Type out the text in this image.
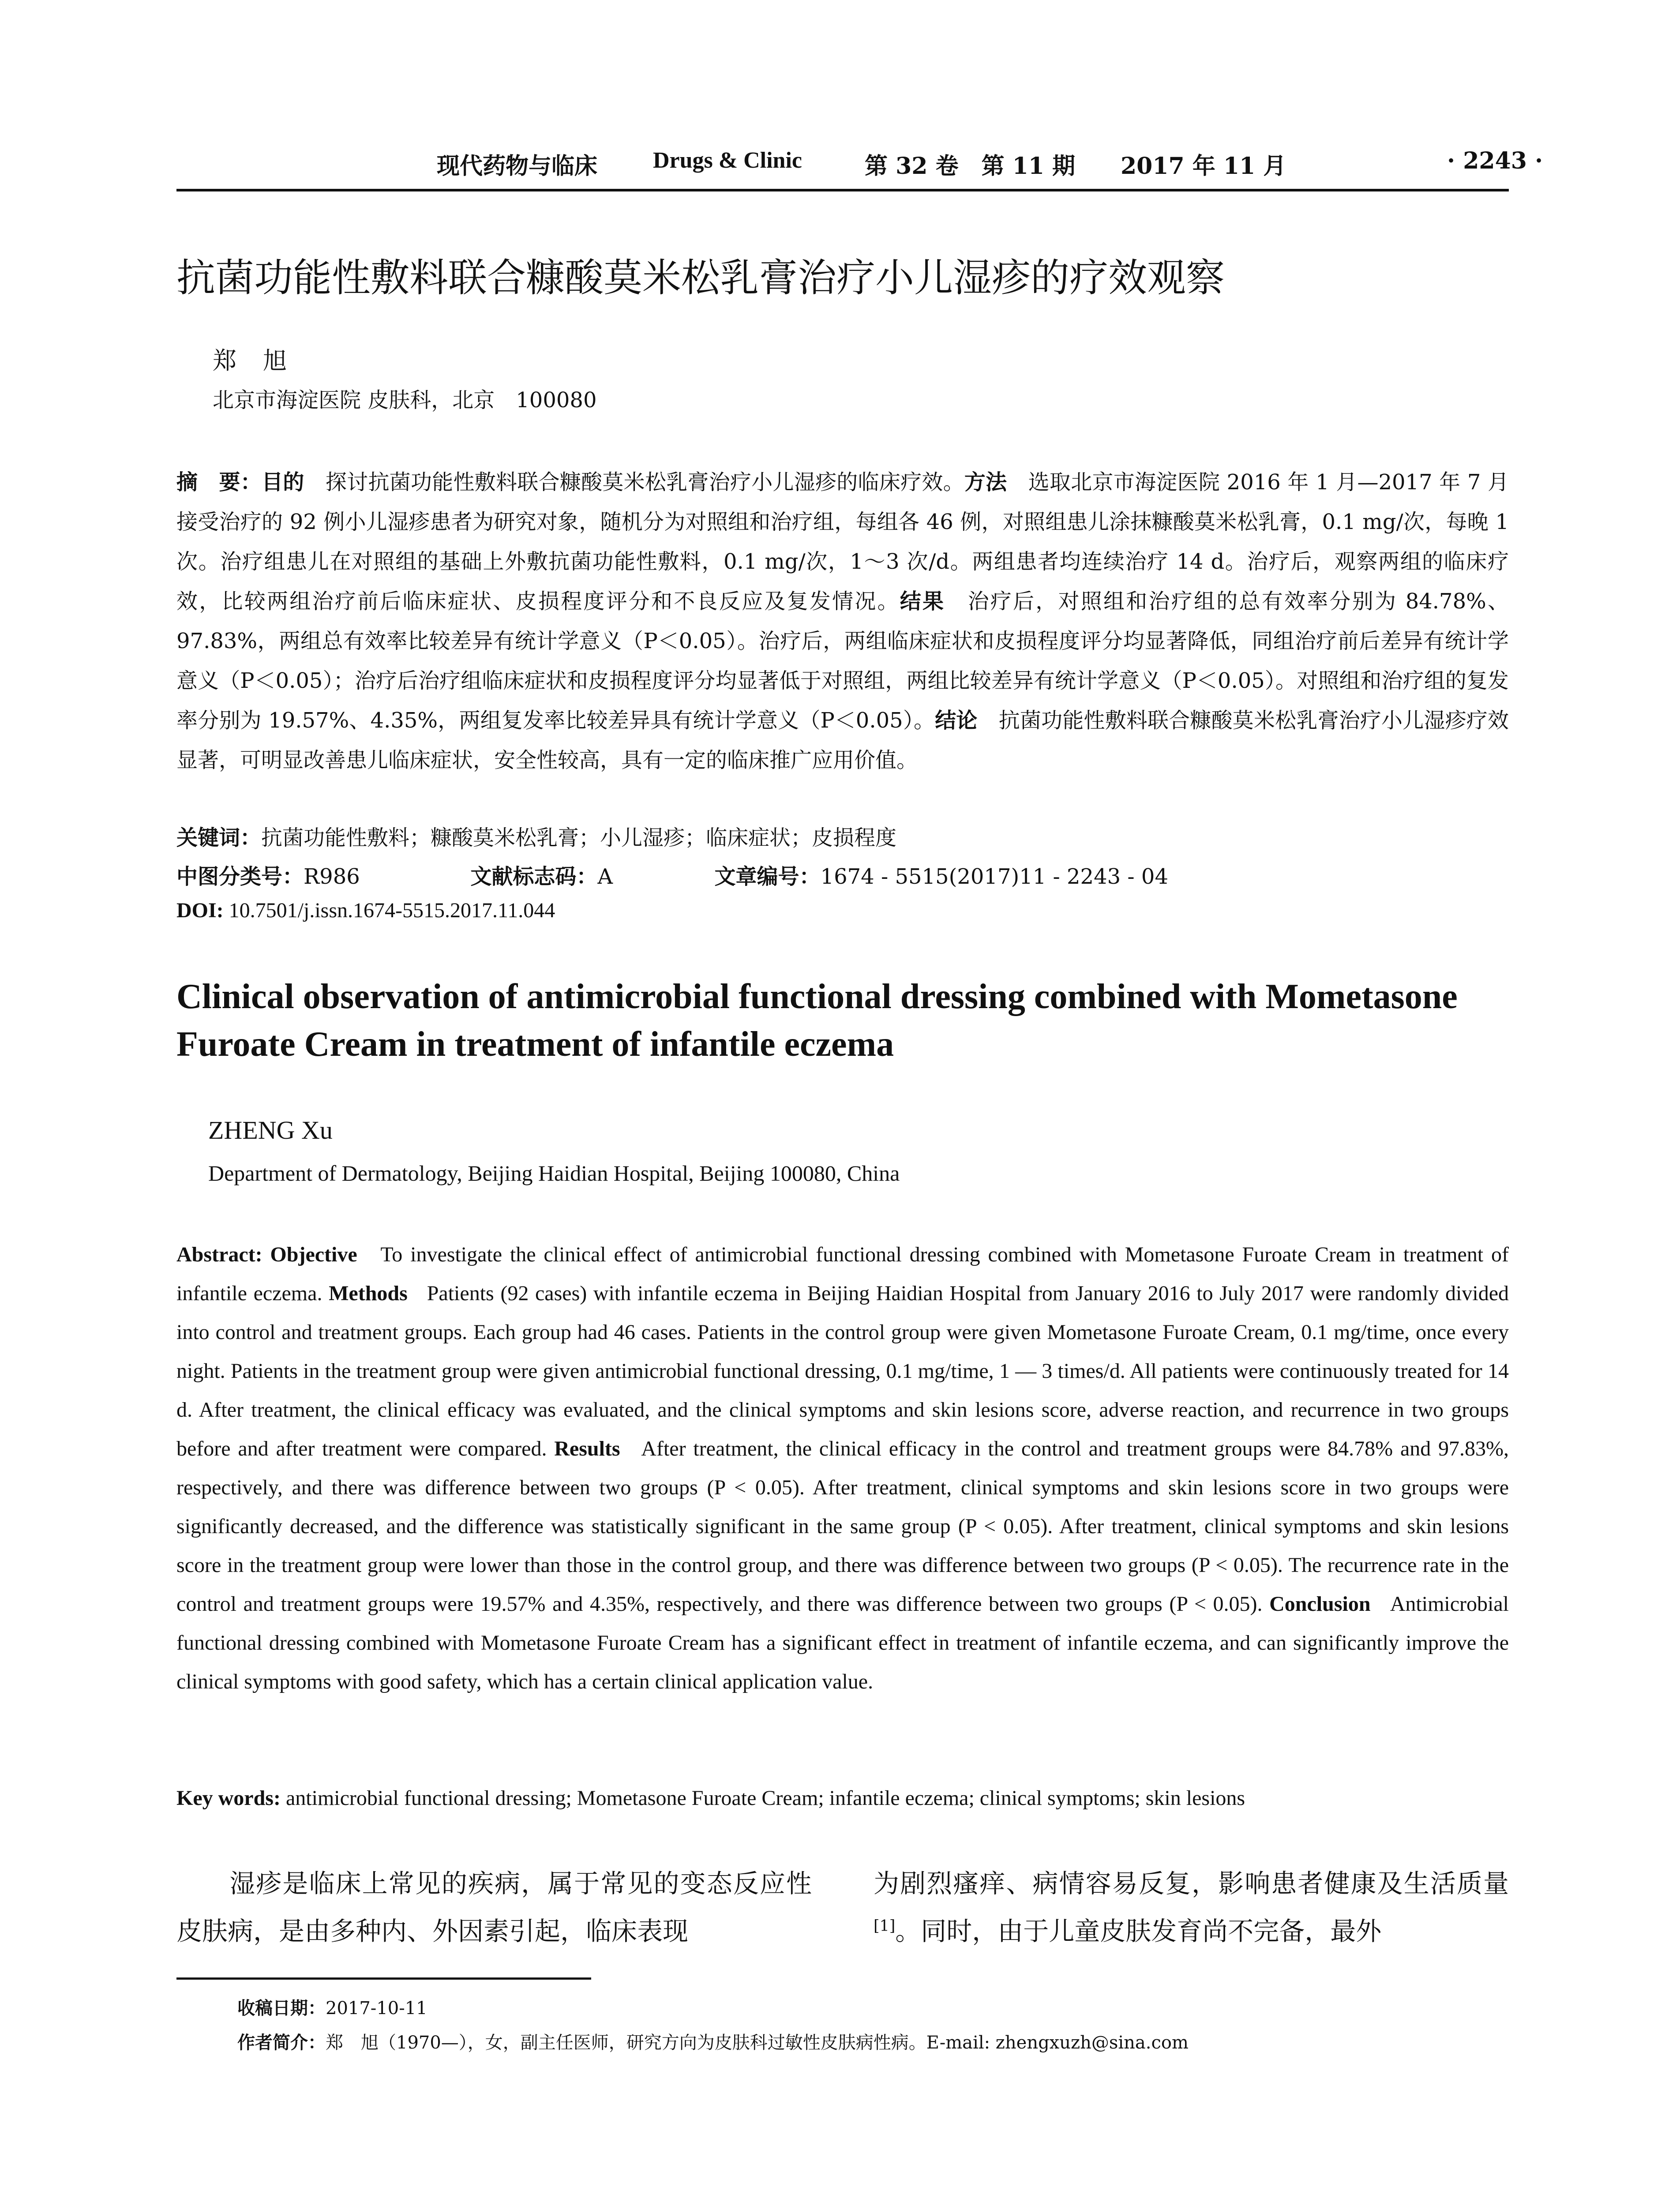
现代药物与临床 Drugs & Clinic	第 32 卷　第 11 期 2017 年 11 月	· 2243 ·
抗菌功能性敷料联合糠酸莫米松乳膏治疗小儿湿疹的疗效观察
郑旭
北京市海淀医院 皮肤科，北京　100080
摘　要：目的　 探讨抗菌功能性敷料联合糠酸莫米松乳膏治疗小儿湿疹的临床疗效。方法　 选取北京市海淀医院 2016 年 1 月—2017 年 7 月接受治疗的 92 例小儿湿疹患者为研究对象，随机分为对照组和治疗组，每组各 46 例，对照组患儿涂抹糠酸莫米松乳膏，0.1 mg/次，每晚 1 次。治疗组患儿在对照组的基础上外敷抗菌功能性敷料，0.1 mg/次，1～3 次/d。两组患者均连续治疗 14 d。治疗后，观察两组的临床疗效，比较两组治疗前后临床症状、皮损程度评分和不良反应及复发情况。结果　 治疗后，对照组和治疗组的总有效率分别为 84.78%、97.83%，两组总有效率比较差异有统计学意义（P＜0.05）。治疗后，两组临床症状和皮损程度评分均显著降低，同组治疗前后差异有统计学意义（P＜0.05）；治疗后治疗组临床症状和皮损程度评分均显著低于对照组，两组比较差异有统计学意义（P＜0.05）。对照组和治疗组的复发率分别为 19.57%、4.35%，两组复发率比较差异具有统计学意义（P＜0.05）。结论　 抗菌功能性敷料联合糠酸莫米松乳膏治疗小儿湿疹疗效显著，可明显改善患儿临床症状，安全性较高，具有一定的临床推广应用价值。
关键词：抗菌功能性敷料；糠酸莫米松乳膏；小儿湿疹；临床症状；皮损程度
中图分类号：R986	文献标志码：A	文章编号：1674 - 5515(2017)11 - 2243 - 04
DOI: 10.7501/j.issn.1674-5515.2017.11.044
Clinical observation of antimicrobial functional dressing combined with Mometasone Furoate Cream in treatment of infantile eczema
ZHENG Xu
Department of Dermatology, Beijing Haidian Hospital, Beijing 100080, China
Abstract: Objective To investigate the clinical effect of antimicrobial functional dressing combined with Mometasone Furoate Cream in treatment of infantile eczema. Methods Patients (92 cases) with infantile eczema in Beijing Haidian Hospital from January 2016 to July 2017 were randomly divided into control and treatment groups. Each group had 46 cases. Patients in the control group were given Mometasone Furoate Cream, 0.1 mg/time, once every night. Patients in the treatment group were given antimicrobial functional dressing, 0.1 mg/time, 1 — 3 times/d. All patients were continuously treated for 14 d. After treatment, the clinical efficacy was evaluated, and the clinical symptoms and skin lesions score, adverse reaction, and recurrence in two groups before and after treatment were compared. Results After treatment, the clinical efficacy in the control and treatment groups were 84.78% and 97.83%, respectively, and there was difference between two groups (P < 0.05). After treatment, clinical symptoms and skin lesions score in two groups were significantly decreased, and the difference was statistically significant in the same group (P < 0.05). After treatment, clinical symptoms and skin lesions score in the treatment group were lower than those in the control group, and there was difference between two groups (P < 0.05). The recurrence rate in the control and treatment groups were 19.57% and 4.35%, respectively, and there was difference between two groups (P < 0.05). Conclusion Antimicrobial functional dressing combined with Mometasone Furoate Cream has a significant effect in treatment of infantile eczema, and can significantly improve the clinical symptoms with good safety, which has a certain clinical application value.
Key words: antimicrobial functional dressing; Mometasone Furoate Cream; infantile eczema; clinical symptoms; skin lesions
　　湿疹是临床上常见的疾病，属于常见的变态反应性皮肤病，是由多种内、外因素引起，临床表现
为剧烈瘙痒、病情容易反复，影响患者健康及生活质量[1]。同时，由于儿童皮肤发育尚不完备，最外
收稿日期：2017-10-11
作者简介：郑　旭（1970—），女，副主任医师，研究方向为皮肤科过敏性皮肤病性病。E-mail: zhengxuzh@sina.com
